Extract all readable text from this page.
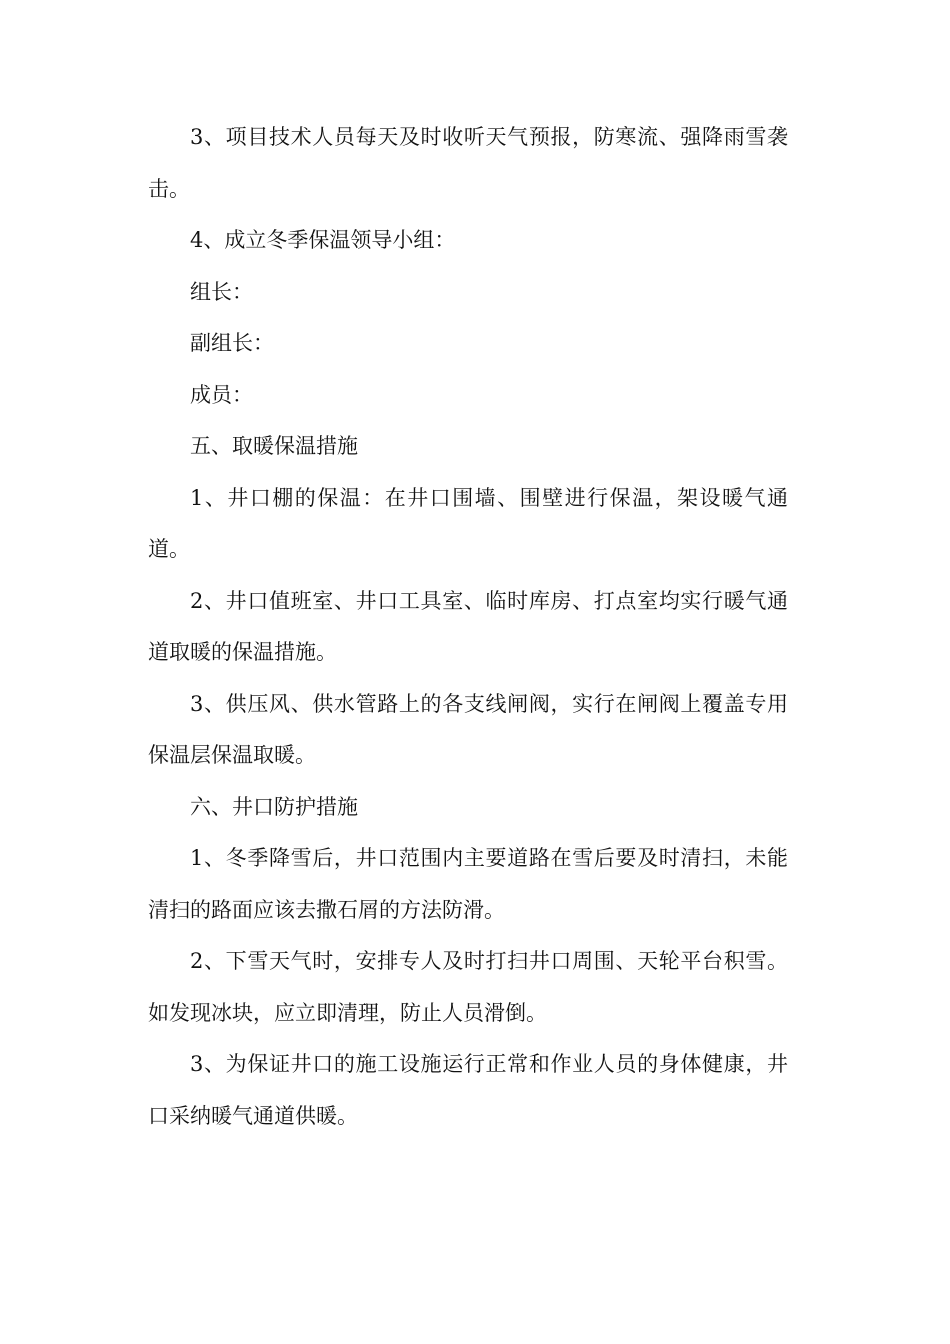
3、项目技术人员每天及时收听天气预报，防寒流、强降雨雪袭击。

4、成立冬季保温领导小组：

组长：

副组长：

成员：

五、取暖保温措施

1、井口棚的保温：在井口围墙、围壁进行保温，架设暖气通道。

2、井口值班室、井口工具室、临时库房、打点室均实行暖气通道取暖的保温措施。

3、供压风、供水管路上的各支线闸阀，实行在闸阀上覆盖专用保温层保温取暖。

六、井口防护措施

1、冬季降雪后，井口范围内主要道路在雪后要及时清扫，未能清扫的路面应该去撒石屑的方法防滑。

2、下雪天气时，安排专人及时打扫井口周围、天轮平台积雪。如发现冰块，应立即清理，防止人员滑倒。

3、为保证井口的施工设施运行正常和作业人员的身体健康，井口采纳暖气通道供暖。
